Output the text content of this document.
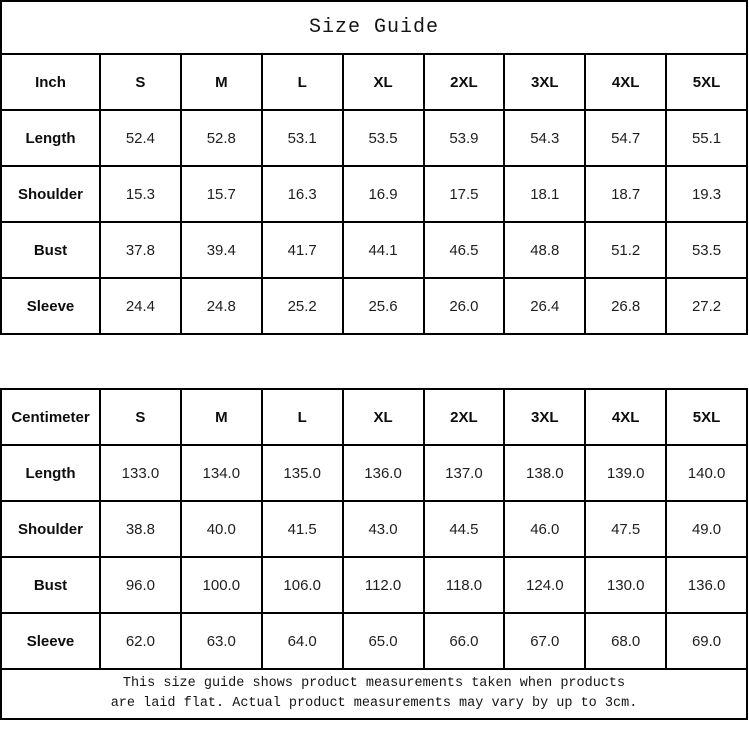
Size Guide								
Inch	S	M	L	XL	2XL	3XL	4XL	5XL
Length	52.4	52.8	53.1	53.5	53.9	54.3	54.7	55.1
Shoulder	15.3	15.7	16.3	16.9	17.5	18.1	18.7	19.3
Bust	37.8	39.4	41.7	44.1	46.5	48.8	51.2	53.5
Sleeve	24.4	24.8	25.2	25.6	26.0	26.4	26.8	27.2
Centimeter	S	M	L	XL	2XL	3XL	4XL	5XL
Length	133.0	134.0	135.0	136.0	137.0	138.0	139.0	140.0
Shoulder	38.8	40.0	41.5	43.0	44.5	46.0	47.5	49.0
Bust	96.0	100.0	106.0	112.0	118.0	124.0	130.0	136.0
Sleeve	62.0	63.0	64.0	65.0	66.0	67.0	68.0	69.0

This size guide shows product measurements taken when products
are laid flat. Actual product measurements may vary by up to 3cm.								
